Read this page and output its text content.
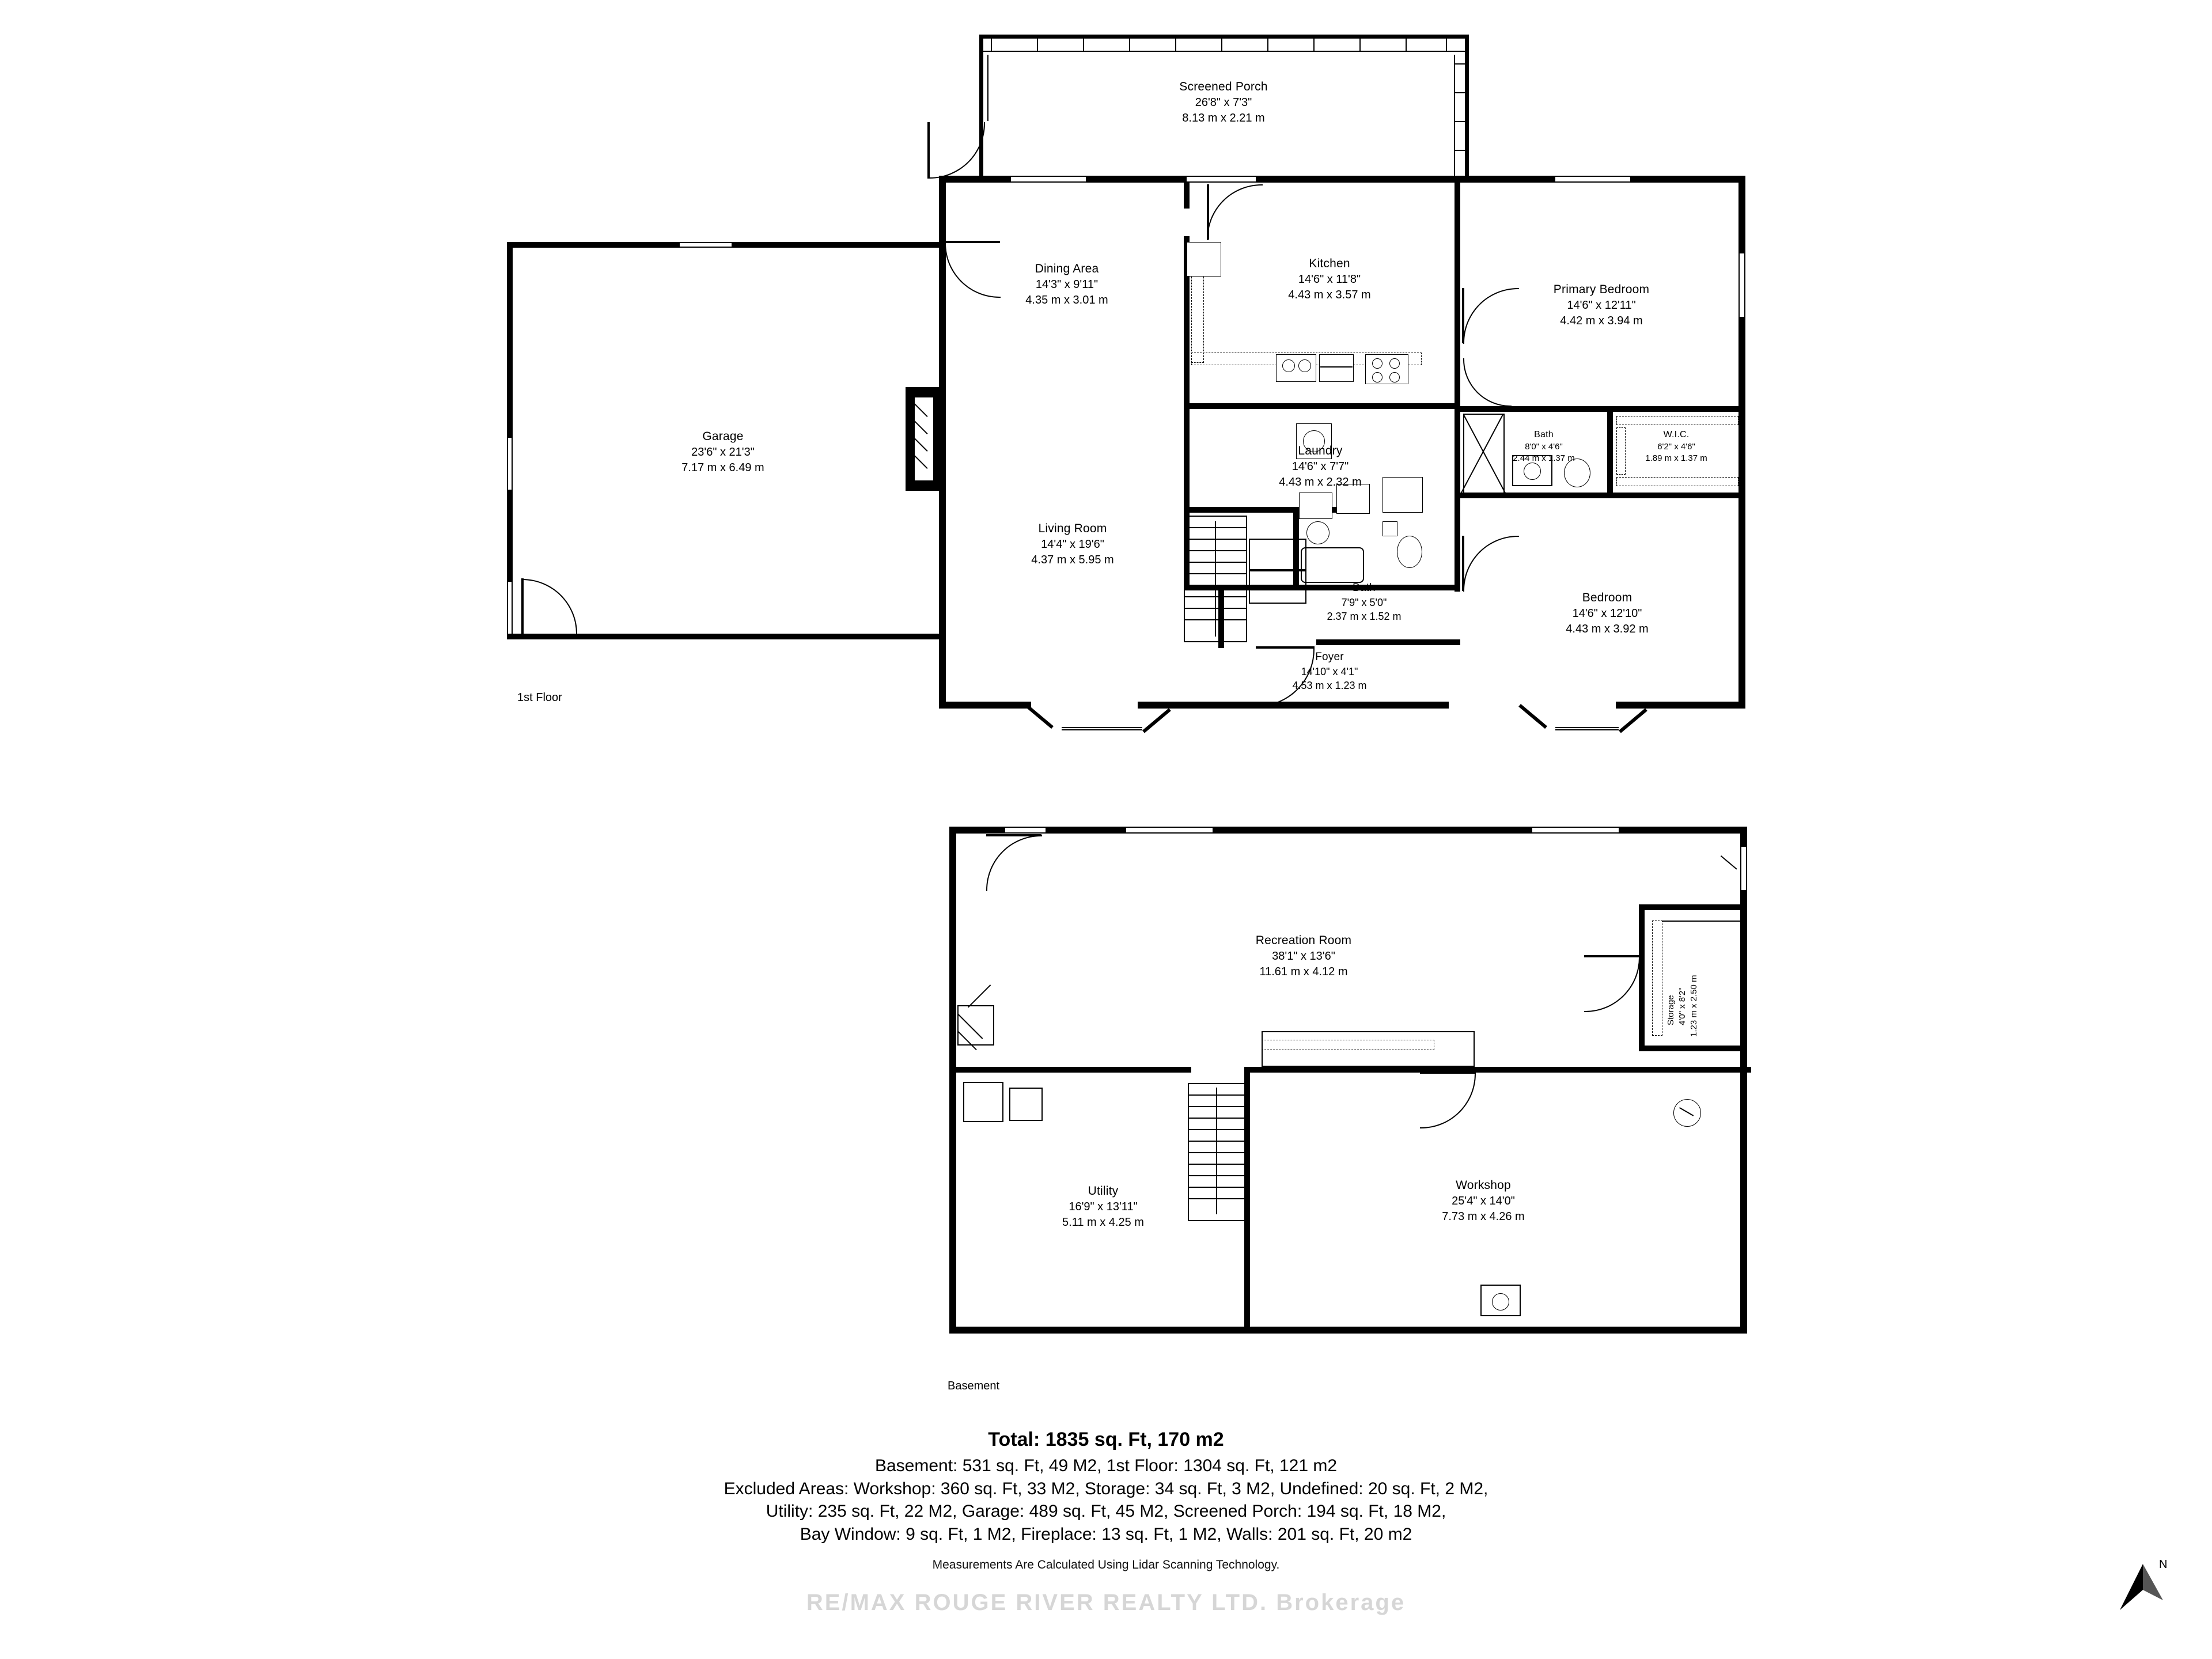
Screened Porch
26'8" x 7'3"
8.13 m x 2.21 m
Dining Area
14'3" x 9'11"
4.35 m x 3.01 m
Kitchen
14'6" x 11'8"
4.43 m x 3.57 m	Primary Bedroom
14'6" x 12'11"
4.42 m x 3.94 m
Garage
23'6" x 21'3"
7.17 m x 6.49 m
Bath
8'0" x 4'6"
2.44 m x 1.37 m
W.I.C.
6'2" x 4'6"
1.89 m x 1.37 m
Laundry
14'6" x 7'7"
4.43 m x 2.32 m
Living Room
14'4" x 19'6"
4.37 m x 5.95 m
Bath
7'9" x 5'0"
2.37 m x 1.52 m
Bedroom
14'6" x 12'10"
4.43 m x 3.92 m
Foyer
14'10" x 4'1"
4.53 m x 1.23 m
1st Floor
Storage 4'0" x 8'2" 1.23 m x 2.50 m
Recreation Room
38'1" x 13'6"
11.61 m x 4.12 m
Utility
16'9" x 13'11"
5.11 m x 4.25 m
Workshop
25'4" x 14'0"
7.73 m x 4.26 m
Basement
Total: 1835 sq. Ft, 170 m2
Basement: 531 sq. Ft, 49 M2, 1st Floor: 1304 sq. Ft, 121 m2
Excluded Areas: Workshop: 360 sq. Ft, 33 M2, Storage: 34 sq. Ft, 3 M2, Undefined: 20 sq. Ft, 2 M2,
Utility: 235 sq. Ft, 22 M2, Garage: 489 sq. Ft, 45 M2, Screened Porch: 194 sq. Ft, 18 M2,
Bay Window: 9 sq. Ft, 1 M2, Fireplace: 13 sq. Ft, 1 M2, Walls: 201 sq. Ft, 20 m2
Measurements Are Calculated Using Lidar Scanning Technology.
RE/MAX ROUGE RIVER REALTY LTD. Brokerage
N
